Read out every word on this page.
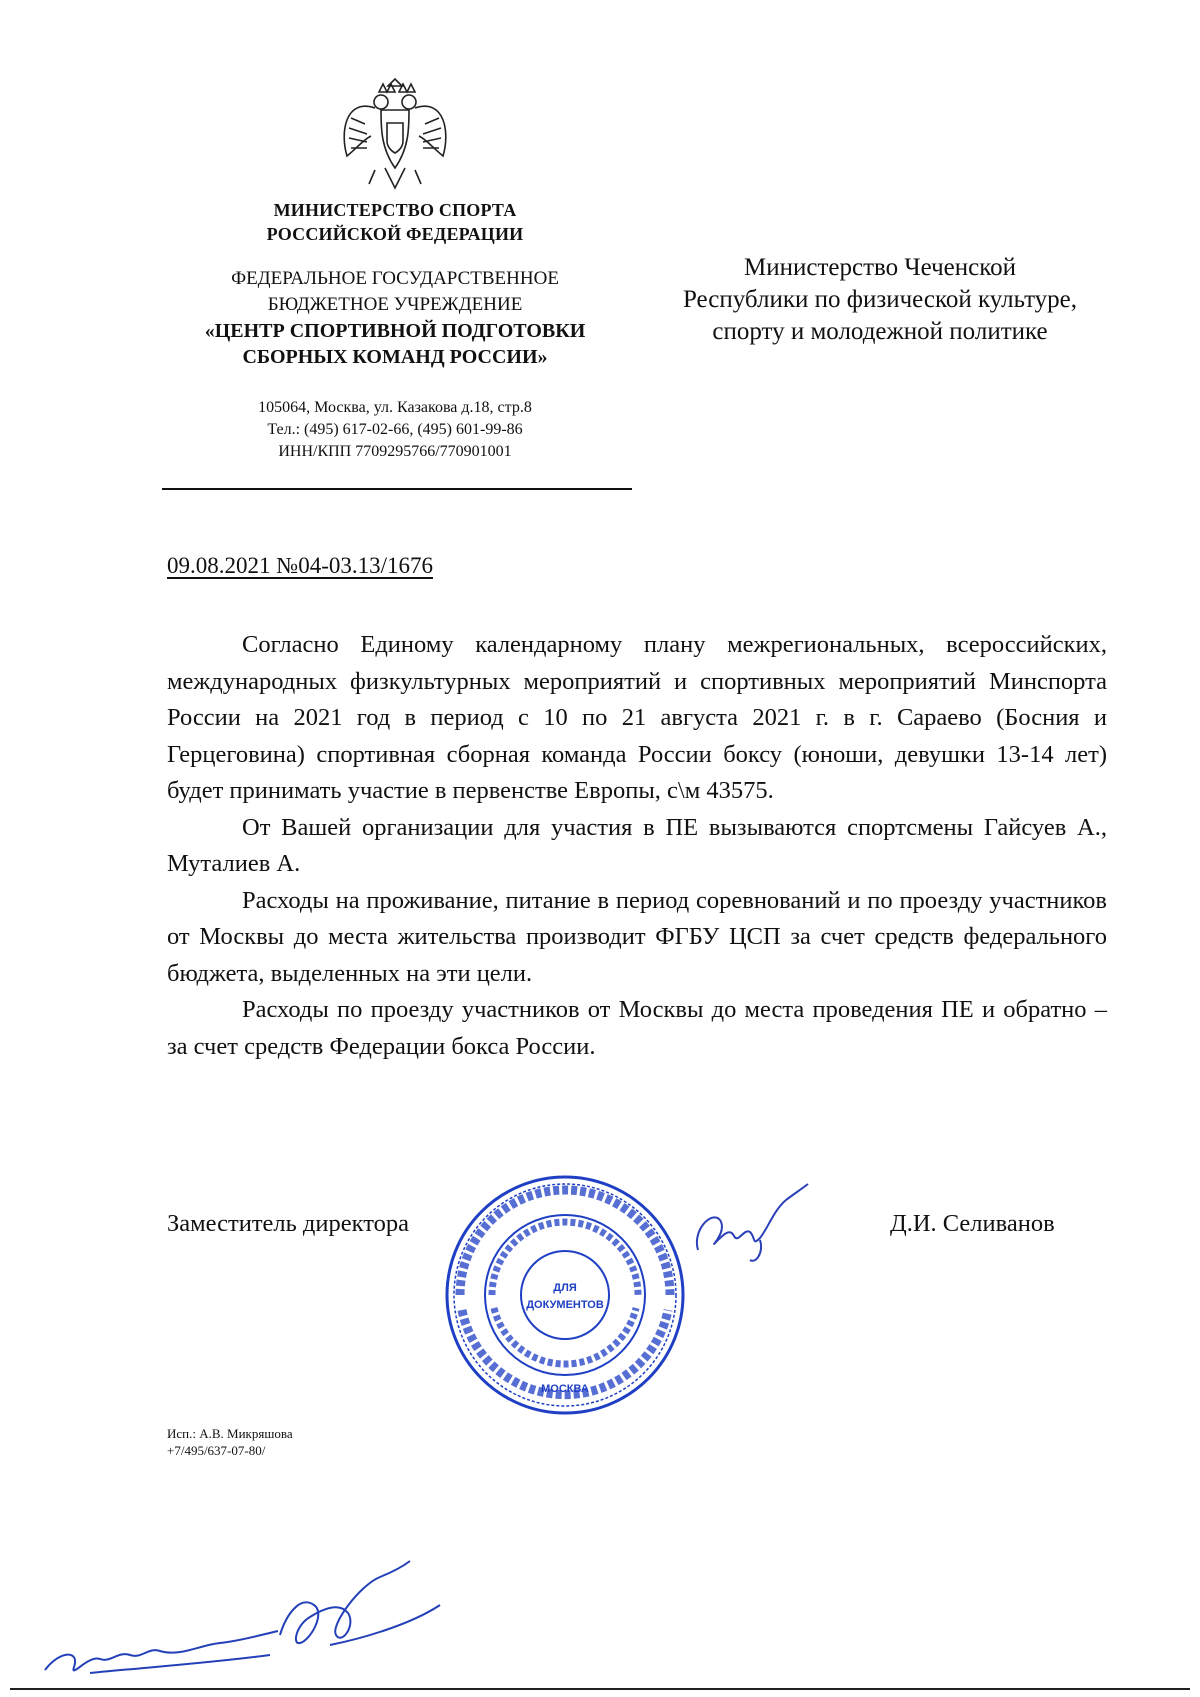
МИНИСТЕРСТВО СПОРТА
РОССИЙСКОЙ ФЕДЕРАЦИИ
ФЕДЕРАЛЬНОЕ ГОСУДАРСТВЕННОЕ
БЮДЖЕТНОЕ УЧРЕЖДЕНИЕ
«ЦЕНТР СПОРТИВНОЙ ПОДГОТОВКИ
СБОРНЫХ КОМАНД РОССИИ»
105064, Москва, ул. Казакова д.18, стр.8
Тел.: (495) 617-02-66, (495) 601-99-86
ИНН/КПП 7709295766/770901001
Министерство Чеченской
Республики по физической культуре,
спорту и молодежной политике
09.08.2021 №04-03.13/1676

Согласно Единому календарному плану межрегиональных, всероссийских, международных физкультурных мероприятий и спортивных мероприятий Минспорта России на 2021 год в период с 10 по 21 августа 2021 г. в г. Сараево (Босния и Герцеговина) спортивная сборная команда России боксу (юноши, девушки 13-14 лет) будет принимать участие в первенстве Европы, с\м 43575.

От Вашей организации для участия в ПЕ вызываются спортсмены Гайсуев А., Муталиев А.

Расходы на проживание, питание в период соревнований и по проезду участников от Москвы до места жительства производит ФГБУ ЦСП за счет средств федерального бюджета, выделенных на эти цели.

Расходы по проезду участников от Москвы до места проведения ПЕ и обратно – за счет средств Федерации бокса России.

Заместитель директора	Д.И. Селиванов
ДЛЯ
ДОКУМЕНТОВ
МОСКВА
Исп.: А.В. Микряшова
+7/495/637-07-80/
